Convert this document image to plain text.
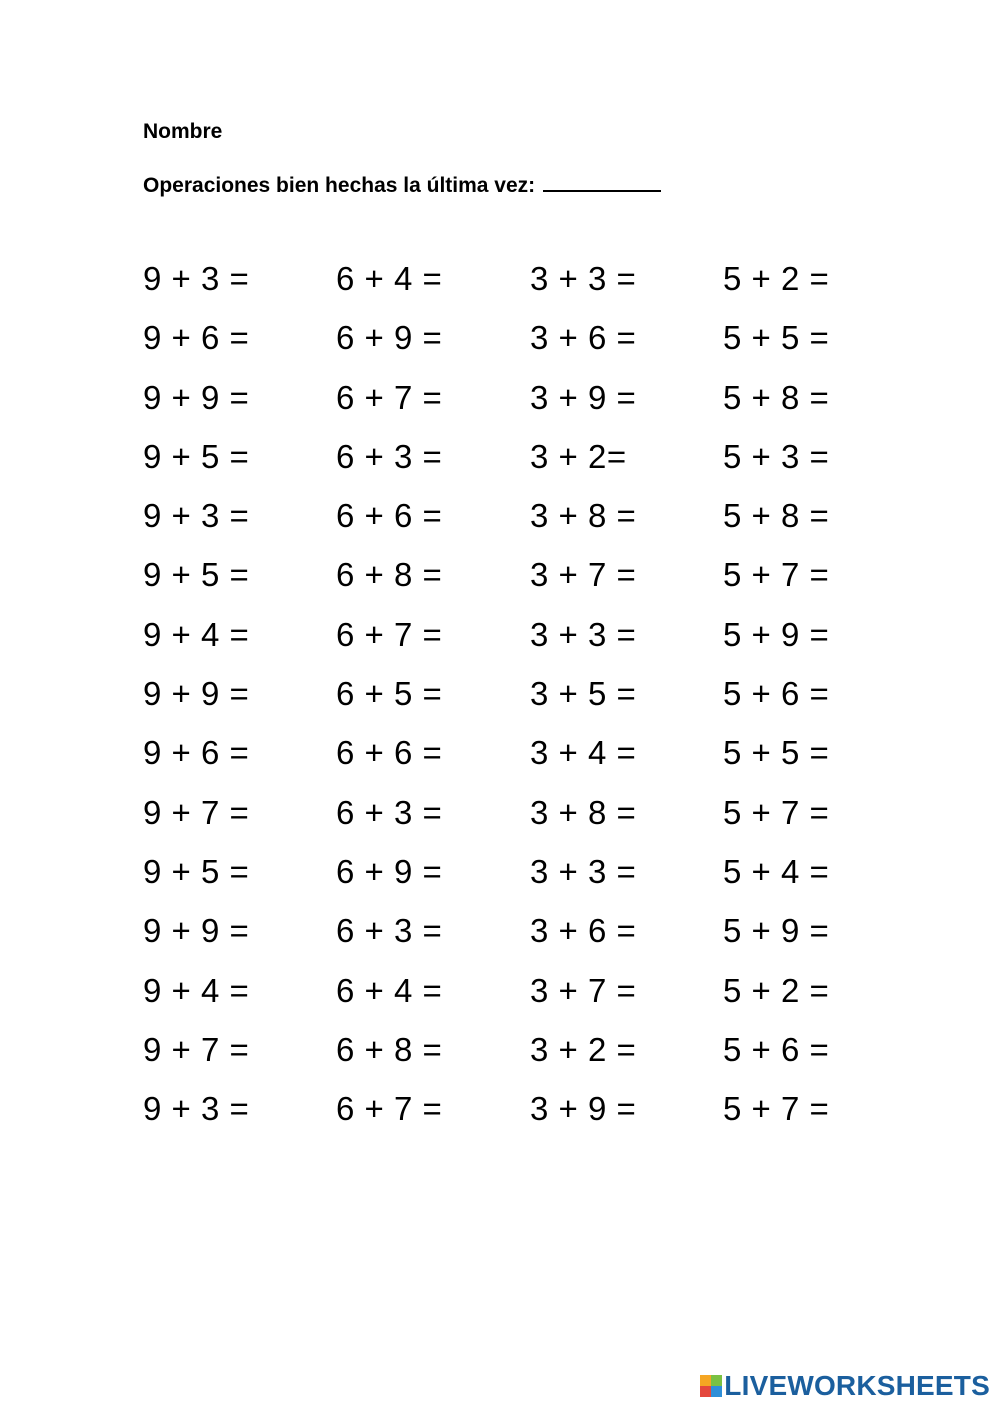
Nombre
Operaciones bien hechas la última vez:
9 + 3 =	6 + 4 =	3 + 3 =	5 + 2 =
9 + 6 =	6 + 9 =	3 + 6 =	5 + 5 =
9 + 9 =	6 + 7 =	3 + 9 =	5 + 8 =
9 + 5 =	6 + 3 =	3 + 2=	5 + 3 =
9 + 3 =	6 + 6 =	3 + 8 =	5 + 8 =
9 + 5 =	6 + 8 =	3 + 7 =	5 + 7 =
9 + 4 =	6 + 7 =	3 + 3 =	5 + 9 =
9 + 9 =	6 + 5 =	3 + 5 =	5 + 6 =
9 + 6 =	6 + 6 =	3 + 4 =	5 + 5 =
9 + 7 =	6 + 3 =	3 + 8 =	5 + 7 =
9 + 5 =	6 + 9 =	3 + 3 =	5 + 4 =
9 + 9 =	6 + 3 =	3 + 6 =	5 + 9 =
9 + 4 =	6 + 4 =	3 + 7 =	5 + 2 =
9 + 7 =	6 + 8 =	3 + 2 =	5 + 6 =
9 + 3 =	6 + 7 =	3 + 9 =	5 + 7 =
LIVEWORKSHEETS
